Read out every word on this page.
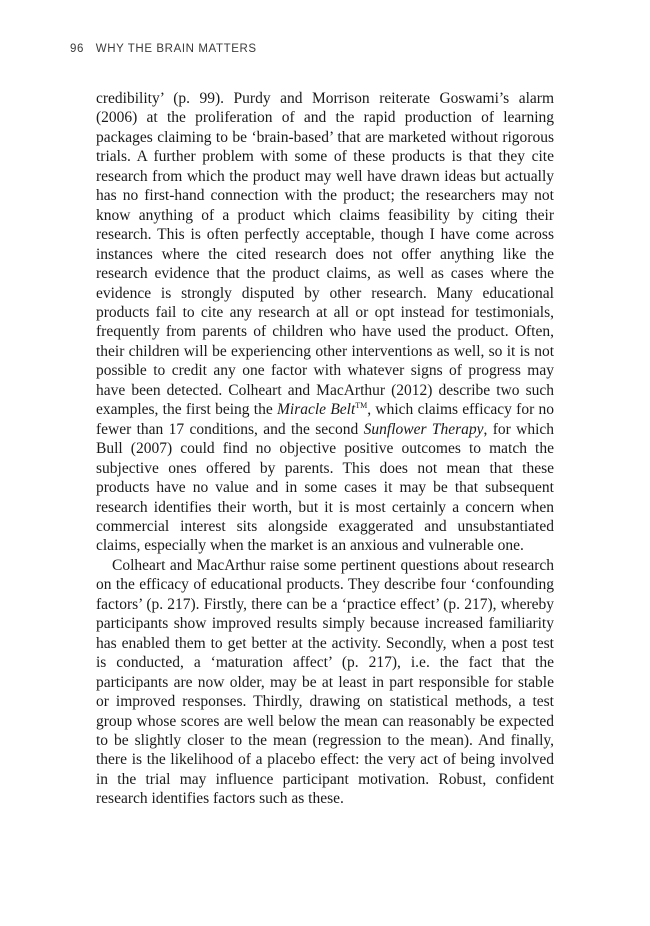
96 WHY THE BRAIN MATTERS

credibility’ (p. 99). Purdy and Morrison reiterate Goswami’s alarm (2006) at the proliferation of and the rapid production of learning packages claiming to be ‘brain-based’ that are marketed without rigorous trials. A further problem with some of these products is that they cite research from which the product may well have drawn ideas but actually has no first-hand connection with the product; the researchers may not know anything of a product which claims feasibility by citing their research. This is often perfectly acceptable, though I have come across instances where the cited research does not offer anything like the research evidence that the product claims, as well as cases where the evidence is strongly disputed by other research. Many educational products fail to cite any research at all or opt instead for testimonials, frequently from parents of children who have used the product. Often, their children will be experiencing other interventions as well, so it is not possible to credit any one factor with whatever signs of progress may have been detected. Colheart and MacArthur (2012) describe two such examples, the first being the Miracle Belt™, which claims efficacy for no fewer than 17 conditions, and the second Sunflower Therapy, for which Bull (2007) could find no objective positive outcomes to match the subjective ones offered by parents. This does not mean that these products have no value and in some cases it may be that subsequent research identifies their worth, but it is most certainly a concern when commercial interest sits alongside exaggerated and unsubstantiated claims, especially when the market is an anxious and vulnerable one.

Colheart and MacArthur raise some pertinent questions about research on the efficacy of educational products. They describe four ‘confounding factors’ (p. 217). Firstly, there can be a ‘practice effect’ (p. 217), whereby participants show improved results simply because increased familiarity has enabled them to get better at the activity. Secondly, when a post test is conducted, a ‘maturation affect’ (p. 217), i.e. the fact that the participants are now older, may be at least in part responsible for stable or improved responses. Thirdly, drawing on statistical methods, a test group whose scores are well below the mean can reasonably be expected to be slightly closer to the mean (regression to the mean). And finally, there is the likelihood of a placebo effect: the very act of being involved in the trial may influence participant motivation. Robust, confident research identifies factors such as these.
